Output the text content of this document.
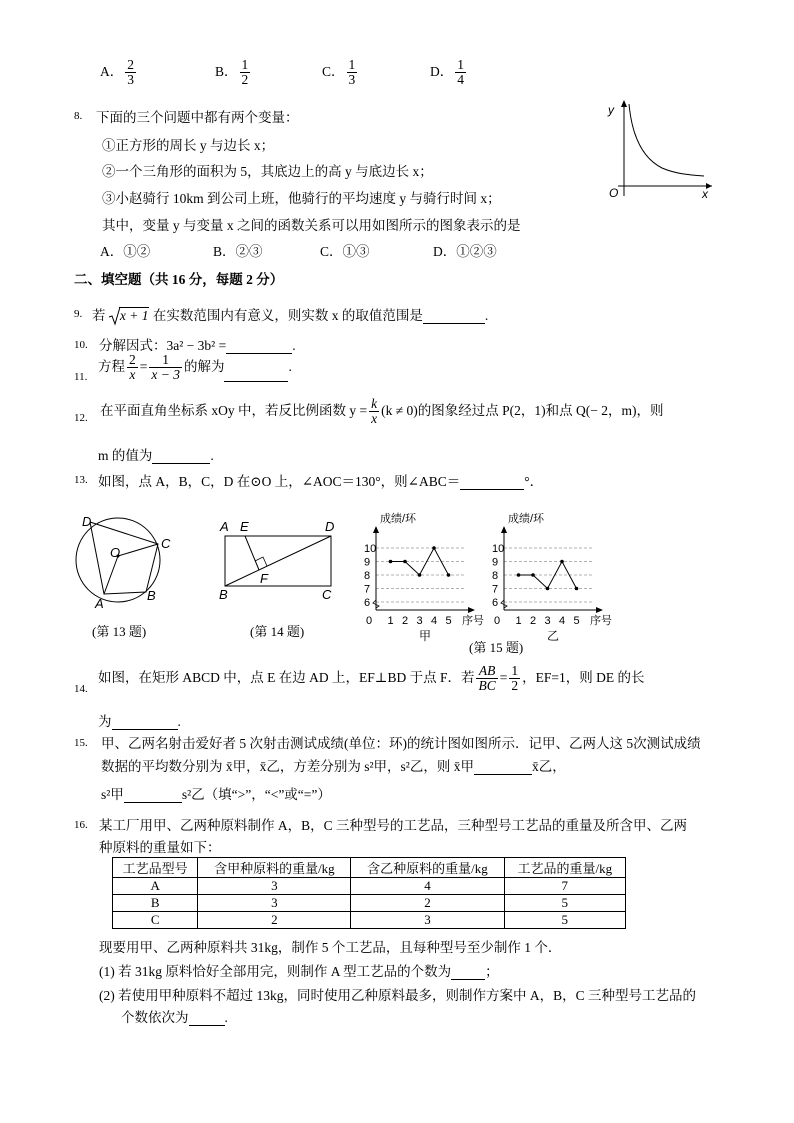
A． $\frac{2}{3}$	B． $\frac{1}{2}$	C． $\frac{1}{3}$	D． $\frac{1}{4}$
8. 下面的三个问题中都有两个变量：
①正方形的周长 y 与边长 x；
②一个三角形的面积为 5，其底边上的高 y 与底边长 x；
③小赵骑行 10km 到公司上班，他骑行的平均速度 y 与骑行时间 x；
其中，变量 y 与变量 x 之间的函数关系可以用如图所示的图象表示的是
A．①②	B．②③	C．①③	D．①②③
y
x
O
二、填空题（共 16 分，每题 2 分）
9. 若 x + 1 在实数范围内有意义，则实数 x 的取值范围是	.
10. 分解因式：3a² − 3b² =	.
11.
方程 $\frac{2}{x} = \frac{1}{x - 3}$ 的解为	.
12.
在平面直角坐标系 xOy 中，若反比例函数 $y = \frac{k}{x} (k \ne 0)$的图象经过点 P(2，1)和点 Q(− 2，m)，则
m 的值为	.
13. 如图，点 A，B，C，D 在⊙O 上，∠AOC＝130°，则∠ABC＝	°．
D
O
C
A
B
(第 13 题)
A E	D
F
B	C
(第 14 题)
成绩/环
6
7
8
9
10
0 1 2 3 4 5 序号
甲
成绩/环
6
7
8
9
10
0 1 2 3 4 5 序号
乙
(第 15 题)
14.
如图，在矩形 ABCD 中，点 E 在边 AD 上，EF⊥BD 于点 F．若 $\frac{AB}{BC} = \frac{1}{2}$ ，EF=1，则 DE 的长
为	.
15. 甲、乙两名射击爱好者 5 次射击测试成绩(单位：环)的统计图如图所示．记甲、乙两人这 5次测试成绩
数据的平均数分别为 x̄甲，x̄乙，方差分别为 s²甲，s²乙，则 x̄甲	x̄乙，
s²甲	s²乙（填“>”，“<”或“=”）
16. 某工厂用甲、乙两种原料制作 A，B，C 三种型号的工艺品，三种型号工艺品的重量及所含甲、乙两
种原料的重量如下：
工艺品型号	含甲种原料的重量/kg	含乙种原料的重量/kg	工艺品的重量/kg
A	3	4	7
B	3	2	5
C	2	3	5
现要用甲、乙两种原料共 31kg，制作 5 个工艺品，且每种型号至少制作 1 个．
(1) 若 31kg 原料恰好全部用完，则制作 A 型工艺品的个数为	；
(2) 若使用甲种原料不超过 13kg，同时使用乙种原料最多，则制作方案中 A，B，C 三种型号工艺品的
个数依次为	.
